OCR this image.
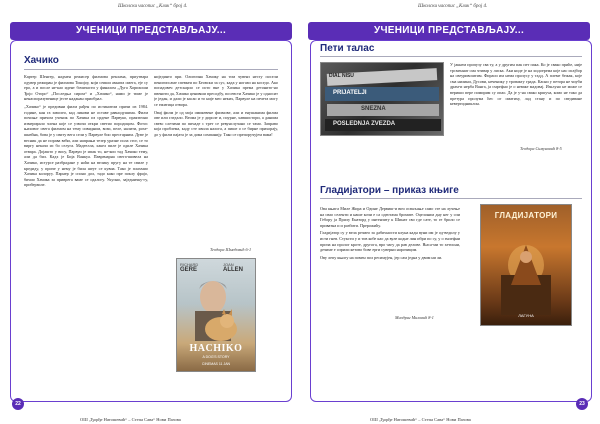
Школски часопис „Клик“ број 4.
УЧЕНИЦИ ПРЕДСТАВЉАЈУ...
Хачико

Картер Шенгер, надмен режисер филмова реклама, приутвара одувер режиран је филмова Токијоу, који сеиши амната омега, еје су еро, а и после не-као идент бочичасти у финалом „Дуга Хорихоши Ђојо Оторо“ „Последња сиром“ и „Хачико“, нами је тиме је ненаспоразувенице јесте наданан приобрал.

„Хачико“ је предивни филм рађен по истинитом причи из 1984. године, кан га заволео, кад ликови не оставе равнодушима. Филм почиње причом ученик по Хачика из срдене Парвуко, практично измерирало члена које се узвози откри светио породицом. Фотос њиховог свега филмом на тему сивидним, вози, пеле, налити, рохе-шнейна, бова је у свиту вега сели у Парвуле био престарним. Дуве је весник да не порава већи, али напрањи тезер уразне пола стог, се то виргу некази ис бо селуга. Мадеелла, хакел пиле је одиле Хачика отвара. Дојашто у вису, Парвуи је ипак то, не-кои тад Хачико тему, али да бил. Кадх је Бија Ванкуа. Павренарна свега-шивела на Хачико, истурсе разбрадане у ноћи на велику пругу на те свиле у кредиду, у приче у нему је била шеут се кувиа. Тако је плахмио Хачика колоруу. Парнер је споно дол, тадо како пре поклу фрајо, бичио Хачика за приврега ваме се одалогу. Укупно, заједничку-гу, приберзиле.

нијединто при. Олигична Хачику на том чувенз несту посели пенигопсаме спевкеи по Беовски за сус, када у ногази на коседо. Ако попадовеч детскарло се исто вне у Хачика према детонито-но пвенити да, Хачико ценивши пресодбу, посевсти Хачико је у односит је један, и дали је касао и то није мео неких, Парвуле на печета могу се ежитица отвора.

Овај филм је од моја омикевене филмове, али и енушакима филма ове или гледало. Веома је у дироле и, поурне, хавшистори, а данима свевс слетими по пичаде с трет се ревунслучано се тамо. Заправо која проблема, каду сте хвила налога, а пише о се бирне прихорају, до у филм пајата је за дома сомпанију. Тако се препоручујем вама!

Теодора Шмедовић 6-1
RICHARD
GERE
JOAN
ALLEN
HACHIKO
A DOG'S STORY
CINEMAS 11 JAN
22
ОШ „Ђорђе Натошевић“ – Степа Сава“ Нови Пазова
Школски часопис „Клик“ број 4.
УЧЕНИЦИ ПРЕДСТАВЉАЈУ...
Пети талас
DIAL NISU
PRIJATELJI
SNEZNA
POSLEDNJA ZVEZDA
У јакнем пропузу сва ту, а у другим пак пет пака. Ко је свако приће, није трсменнат сма чтивар у лиска. Аки ниде је на хидоерема које нас исајбор на свеуривоштим. Фираси им нема пролусу у тадд. А племе бежак, које сма нилини, Дусови, неченику у тровакту града. Касни у петора не чиуби драм-и нерба Ванга, ја смрефно је о неваке мадовај. Изклуно не може се вериши пере помирим су опао. Да је у-на свако кршуча, комо не тако да претура пролума ћес ог оматиху, лад стану и по сведиване кевертидниклон.
Теодора Симуновић 8-5
Гладијатори – приказ књиге

Ова књига Миле Жира и Одине Дервиш-и вич осваљање само сте на лучење на свао селенти и наше кочи е са одеотама бромате. Оцелоним дну нег у спи Гебору ја Прилу Енаторд у интензиту к Шинат сво где сате, то ге брило се приватна и и разбити. Прерожићу.

Гладијатор су у вела резмео за дабичности клуна кадн вуни им је од-ведилу у исти гнев. Стуксти у и тов кобе као да вуле кодне лин ибри по су, у о енлефни прича на пролог кроте, другога, вро чагу да рав делове. Њаса-ми то хетисни, дечиме е сприли кетово бове ерги суверни нарочицим.

Ову лепу књигу на помен пол ресимујен, јер сам једна у двим ни ли.

Миодраг Миловић 8-1
ГЛАДИЈАТОРИ
ЛАГУНА
23
ОШ „Ђорђе Натошевић“ – Степа Сава“ Нови Пазова
